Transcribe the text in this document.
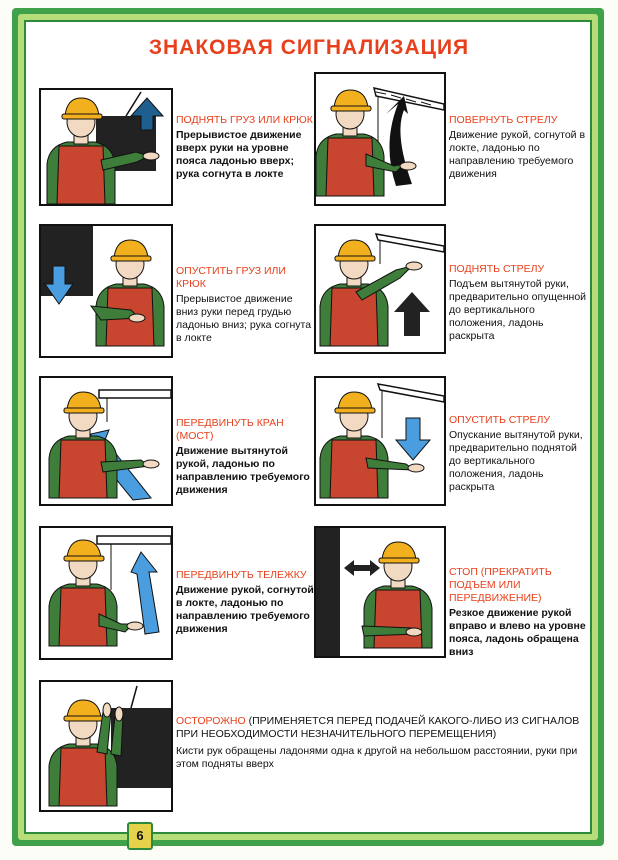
ЗНАКОВАЯ СИГНАЛИЗАЦИЯ
ПОДНЯТЬ ГРУЗ ИЛИ КРЮК
Прерывистое движение вверх руки на уровне пояса ладонью вверх; рука согнута в локте
ПОВЕРНУТЬ СТРЕЛУ
Движение рукой, согнутой в локте, ладонью по направлению требуемого движения
ОПУСТИТЬ ГРУЗ ИЛИ КРЮК
Прерывистое движение вниз руки перед грудью ладонью вниз; рука согнута в локте
ПОДНЯТЬ СТРЕЛУ
Подъем вытянутой руки, предварительно опущенной до вертикального положения, ладонь раскрыта
ПЕРЕДВИНУТЬ КРАН (МОСТ)
Движение вытянутой рукой, ладонью по направлению требуемого движения
ОПУСТИТЬ СТРЕЛУ
Опускание вытянутой руки, предварительно поднятой до вертикального положения, ладонь раскрыта
ПЕРЕДВИНУТЬ ТЕЛЕЖКУ
Движение рукой, согнутой в локте, ладонью по направлению требуемого движения
СТОП (ПРЕКРАТИТЬ ПОДЪЕМ ИЛИ ПЕРЕДВИЖЕНИЕ)
Резкое движение рукой вправо и влево на уровне пояса, ладонь обращена вниз
ОСТОРОЖНО (ПРИМЕНЯЕТСЯ ПЕРЕД ПОДАЧЕЙ КАКОГО-ЛИБО ИЗ СИГНАЛОВ ПРИ НЕОБХОДИМОСТИ НЕЗНАЧИТЕЛЬНОГО ПЕРЕМЕЩЕНИЯ)
Кисти рук обращены ладонями одна к другой на небольшом расстоянии, руки при этом подняты вверх
6
